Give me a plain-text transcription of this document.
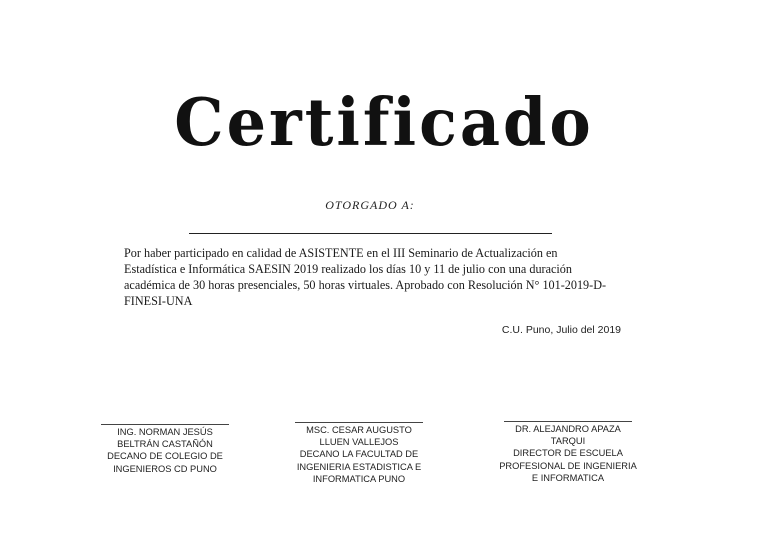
Certificado
OTORGADO A:
Por haber participado en calidad de ASISTENTE en el III Seminario de Actualización en
Estadística e Informática SAESIN 2019 realizado los días 10 y 11 de julio con una duración
académica de 30 horas presenciales, 50 horas virtuales. Aprobado con Resolución N° 101-2019-D-
FINESI-UNA
C.U. Puno, Julio del 2019
ING. NORMAN JESÚS
BELTRÁN CASTAÑÓN
DECANO DE COLEGIO DE
INGENIEROS CD PUNO
MSC. CESAR AUGUSTO
LLUEN VALLEJOS
DECANO LA FACULTAD DE
INGENIERIA ESTADISTICA E
INFORMATICA PUNO
DR. ALEJANDRO APAZA
TARQUI
DIRECTOR DE ESCUELA
PROFESIONAL DE INGENIERIA
E INFORMATICA
